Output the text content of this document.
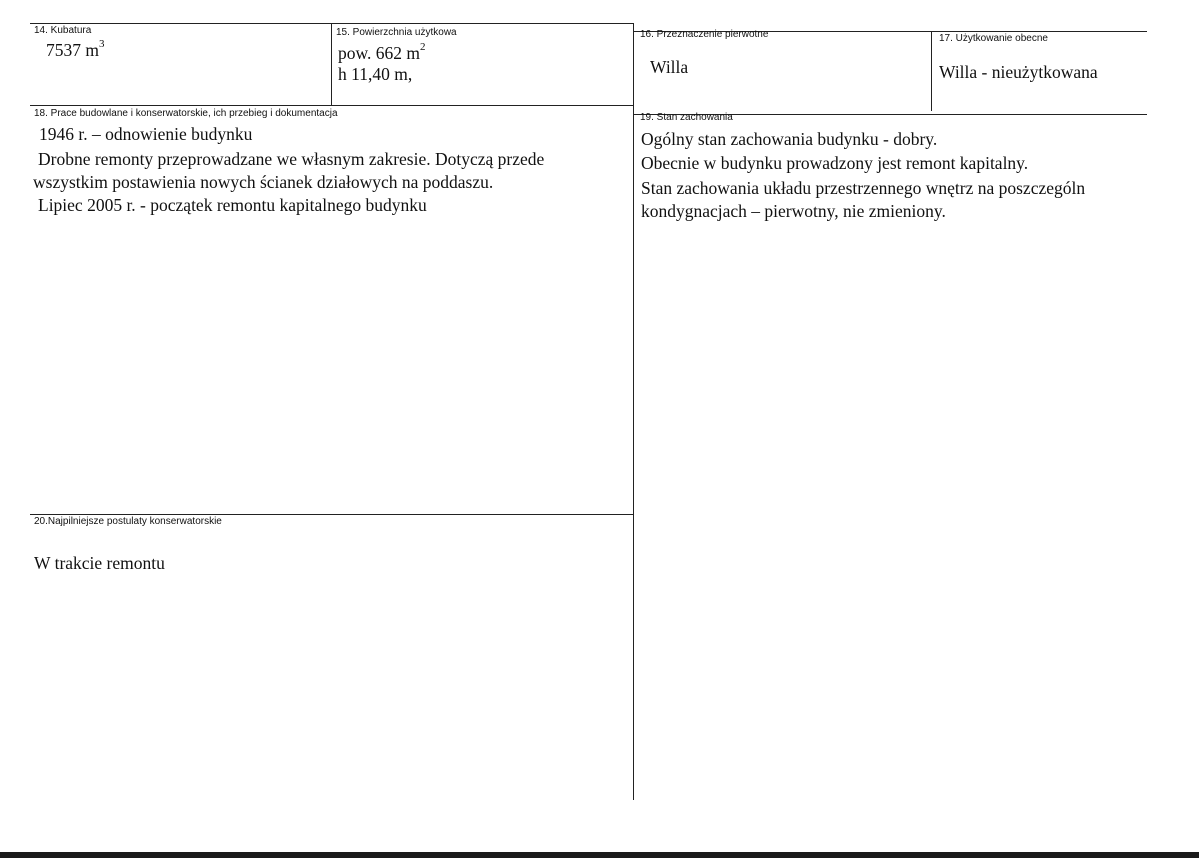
14. Kubatura
7537 $m^3$
15. Powierzchnia użytkowa
pow. 662 $m^2$
h 11,40 m,
16. Przeznaczenie pierwotne
Willa
17. Użytkowanie obecne
Willa - nieużytkowana
18. Prace budowlane i konserwatorskie, ich przebieg i dokumentacja
1946 r. – odnowienie budynku
Drobne remonty przeprowadzane we własnym zakresie. Dotyczą przede
wszystkim postawienia nowych ścianek działowych na poddaszu.
Lipiec 2005 r. - początek remontu kapitalnego budynku
19. Stan zachowania
Ogólny stan zachowania budynku - dobry.
Obecnie w budynku prowadzony jest remont kapitalny.
Stan zachowania układu przestrzennego wnętrz na poszczególn
kondygnacjach – pierwotny, nie zmieniony.
20.Najpilniejsze postulaty konserwatorskie
W trakcie remontu
